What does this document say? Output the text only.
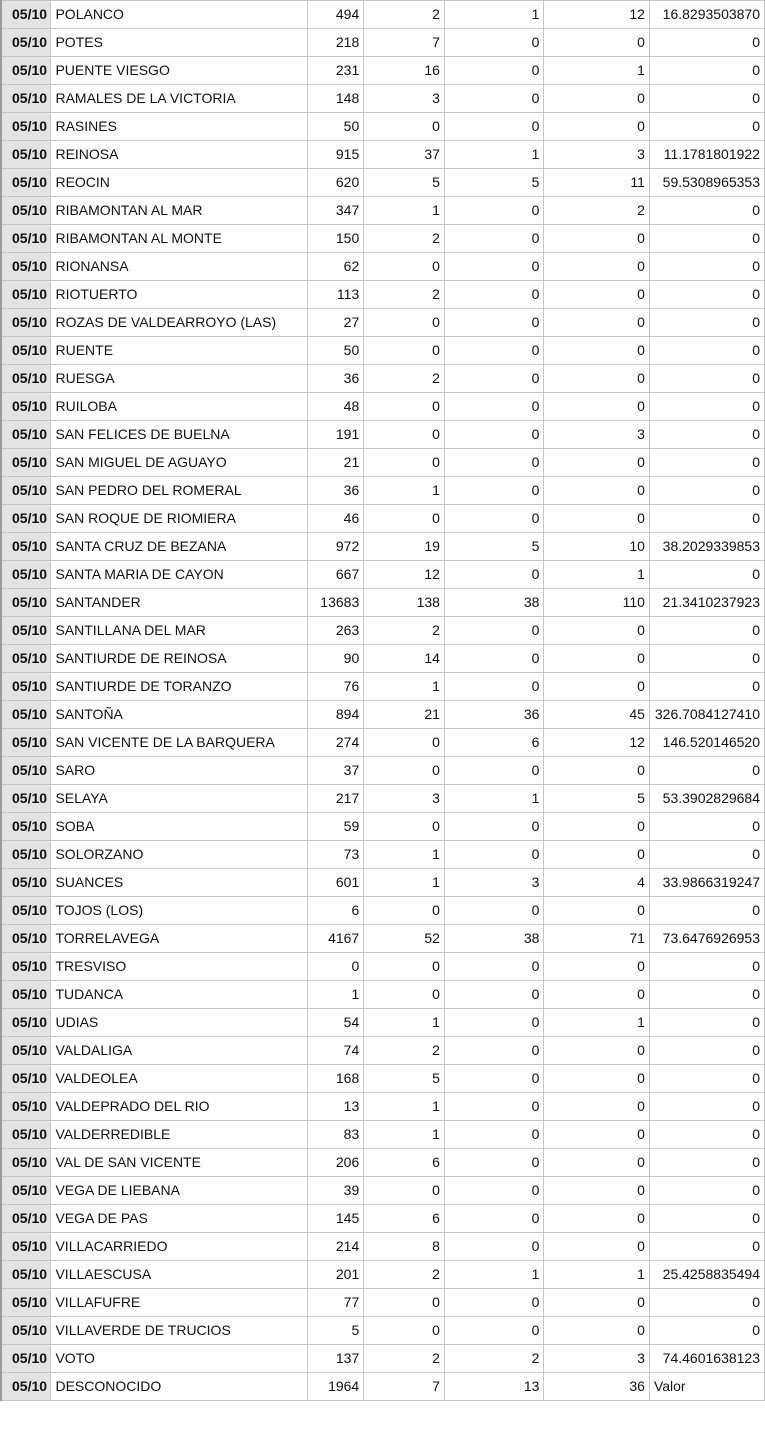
05/10	POLANCO	494	2	1	12	16.8293503870
05/10	POTES	218	7	0	0	0
05/10	PUENTE VIESGO	231	16	0	1	0
05/10	RAMALES DE LA VICTORIA	148	3	0	0	0
05/10	RASINES	50	0	0	0	0
05/10	REINOSA	915	37	1	3	11.1781801922
05/10	REOCIN	620	5	5	11	59.5308965353
05/10	RIBAMONTAN AL MAR	347	1	0	2	0
05/10	RIBAMONTAN AL MONTE	150	2	0	0	0
05/10	RIONANSA	62	0	0	0	0
05/10	RIOTUERTO	113	2	0	0	0
05/10	ROZAS DE VALDEARROYO (LAS)	27	0	0	0	0
05/10	RUENTE	50	0	0	0	0
05/10	RUESGA	36	2	0	0	0
05/10	RUILOBA	48	0	0	0	0
05/10	SAN FELICES DE BUELNA	191	0	0	3	0
05/10	SAN MIGUEL DE AGUAYO	21	0	0	0	0
05/10	SAN PEDRO DEL ROMERAL	36	1	0	0	0
05/10	SAN ROQUE DE RIOMIERA	46	0	0	0	0
05/10	SANTA CRUZ DE BEZANA	972	19	5	10	38.2029339853
05/10	SANTA MARIA DE CAYON	667	12	0	1	0
05/10	SANTANDER	13683	138	38	110	21.3410237923
05/10	SANTILLANA DEL MAR	263	2	0	0	0
05/10	SANTIURDE DE REINOSA	90	14	0	0	0
05/10	SANTIURDE DE TORANZO	76	1	0	0	0
05/10	SANTOÑA	894	21	36	45	326.7084127410
05/10	SAN VICENTE DE LA BARQUERA	274	0	6	12	146.520146520
05/10	SARO	37	0	0	0	0
05/10	SELAYA	217	3	1	5	53.3902829684
05/10	SOBA	59	0	0	0	0
05/10	SOLORZANO	73	1	0	0	0
05/10	SUANCES	601	1	3	4	33.9866319247
05/10	TOJOS (LOS)	6	0	0	0	0
05/10	TORRELAVEGA	4167	52	38	71	73.6476926953
05/10	TRESVISO	0	0	0	0	0
05/10	TUDANCA	1	0	0	0	0
05/10	UDIAS	54	1	0	1	0
05/10	VALDALIGA	74	2	0	0	0
05/10	VALDEOLEA	168	5	0	0	0
05/10	VALDEPRADO DEL RIO	13	1	0	0	0
05/10	VALDERREDIBLE	83	1	0	0	0
05/10	VAL DE SAN VICENTE	206	6	0	0	0
05/10	VEGA DE LIEBANA	39	0	0	0	0
05/10	VEGA DE PAS	145	6	0	0	0
05/10	VILLACARRIEDO	214	8	0	0	0
05/10	VILLAESCUSA	201	2	1	1	25.4258835494
05/10	VILLAFUFRE	77	0	0	0	0
05/10	VILLAVERDE DE TRUCIOS	5	0	0	0	0
05/10	VOTO	137	2	2	3	74.4601638123
05/10	DESCONOCIDO	1964	7	13	36	Valor
